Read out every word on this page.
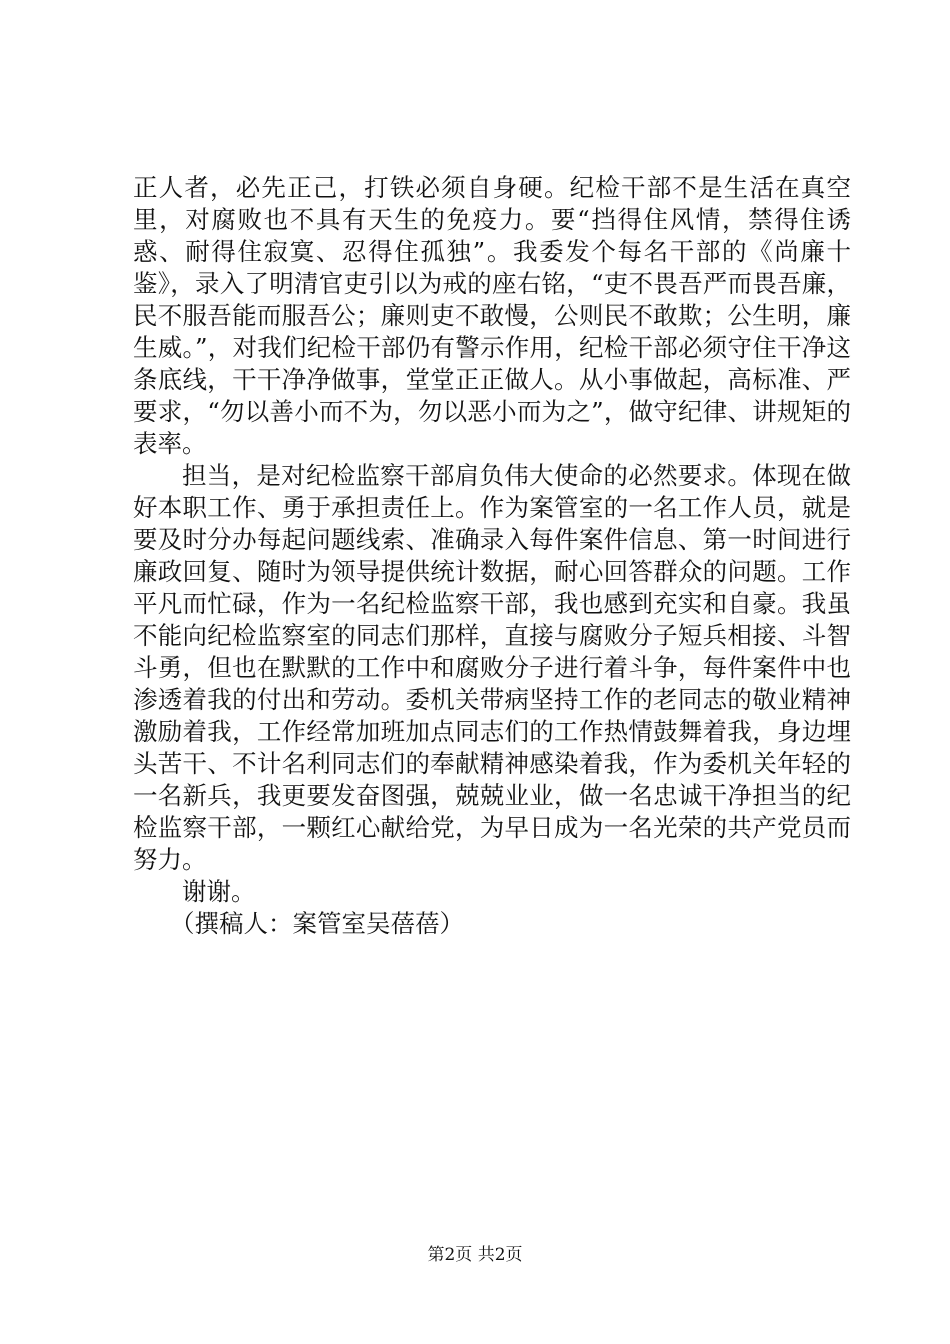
正人者，必先正己，打铁必须自身硬。纪检干部不是生活在真空里，对腐败也不具有天生的免疫力。要“挡得住风情，禁得住诱惑、耐得住寂寞、忍得住孤独”。我委发个每名干部的《尚廉十鉴》，录入了明清官吏引以为戒的座右铭，“吏不畏吾严而畏吾廉，民不服吾能而服吾公；廉则吏不敢慢，公则民不敢欺；公生明，廉生威。”，对我们纪检干部仍有警示作用，纪检干部必须守住干净这条底线，干干净净做事，堂堂正正做人。从小事做起，高标准、严要求，“勿以善小而不为，勿以恶小而为之”，做守纪律、讲规矩的表率。

担当，是对纪检监察干部肩负伟大使命的必然要求。体现在做好本职工作、勇于承担责任上。作为案管室的一名工作人员，就是要及时分办每起问题线索、准确录入每件案件信息、第一时间进行廉政回复、随时为领导提供统计数据，耐心回答群众的问题。工作平凡而忙碌，作为一名纪检监察干部，我也感到充实和自豪。我虽不能向纪检监察室的同志们那样，直接与腐败分子短兵相接、斗智斗勇，但也在默默的工作中和腐败分子进行着斗争，每件案件中也渗透着我的付出和劳动。委机关带病坚持工作的老同志的敬业精神激励着我，工作经常加班加点同志们的工作热情鼓舞着我，身边埋头苦干、不计名利同志们的奉献精神感染着我，作为委机关年轻的一名新兵，我更要发奋图强，兢兢业业，做一名忠诚干净担当的纪检监察干部，一颗红心献给党，为早日成为一名光荣的共产党员而努力。

谢谢。

（撰稿人：案管室吴蓓蓓）

第2页 共2页
